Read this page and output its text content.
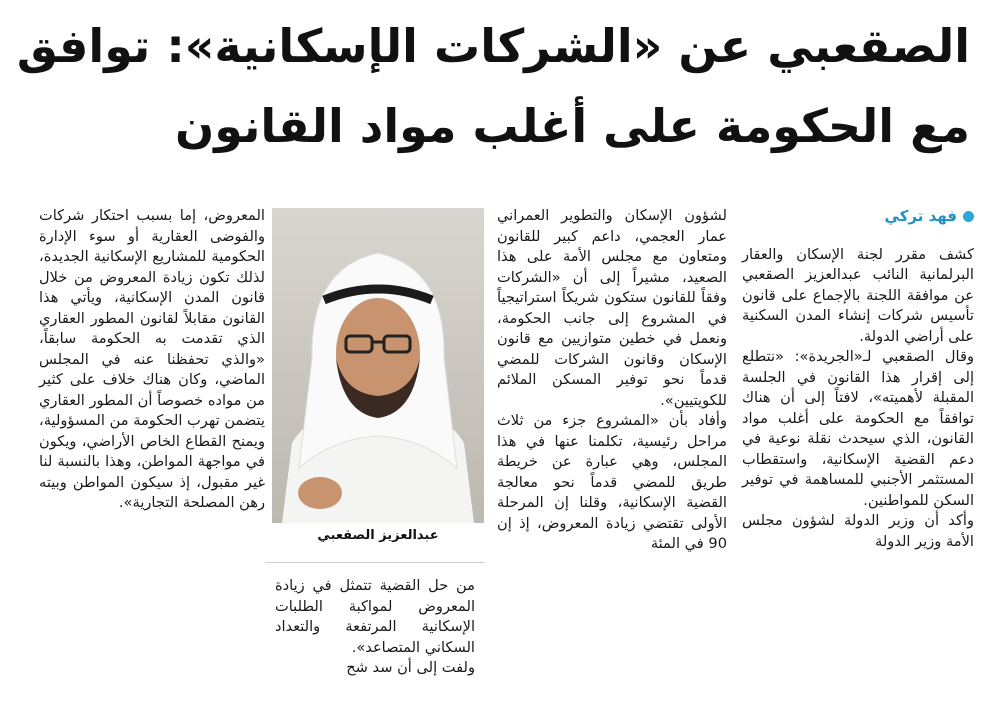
الصقعبي عن «الشركات الإسكانية»: توافق
مع الحكومة على أغلب مواد القانون
فهد تركي

كشف مقرر لجنة الإسكان والعقار البرلمانية النائب عبدالعزيز الصقعبي عن موافقة اللجنة بالإجماع على قانون تأسيس شركات إنشاء المدن السكنية على أراضي الدولة.

وقال الصقعبي لـ«الجريدة»: «نتطلع إلى إقرار هذا القانون في الجلسة المقبلة لأهميته»، لافتاً إلى أن هناك توافقاً مع الحكومة على أغلب مواد القانون، الذي سيحدث نقلة نوعية في دعم القضية الإسكانية، واستقطاب المستثمر الأجنبي للمساهمة في توفير السكن للمواطنين.

وأكد أن وزير الدولة لشؤون مجلس الأمة وزير الدولة

لشؤون الإسكان والتطوير العمراني عمار العجمي، داعم كبير للقانون ومتعاون مع مجلس الأمة على هذا الصعيد، مشيراً إلى أن «الشركات وفقاً للقانون ستكون شريكاً استراتيجياً في المشروع إلى جانب الحكومة، ونعمل في خطين متوازيين مع قانون الإسكان وقانون الشركات للمضي قدماً نحو توفير المسكن الملائم للكويتيين».

وأفاد بأن «المشروع جزء من ثلاث مراحل رئيسية، تكلمنا عنها في هذا المجلس، وهي عبارة عن خريطة طريق للمضي قدماً نحو معالجة القضية الإسكانية، وقلنا إن المرحلة الأولى تقتضي زيادة المعروض، إذ إن 90 في المئة

عبدالعزيز الصقعبي

من حل القضية تتمثل في زيادة المعروض لمواكبة الطلبات الإسكانية المرتفعة والتعداد السكاني المتصاعد».

ولفت إلى أن سد شح

المعروض، إما بسبب احتكار شركات والفوضى العقارية أو سوء الإدارة الحكومية للمشاريع الإسكانية الجديدة، لذلك تكون زيادة المعروض من خلال قانون المدن الإسكانية، ويأتي هذا القانون مقابلاً لقانون المطور العقاري الذي تقدمت به الحكومة سابقاً، «والذي تحفظنا عنه في المجلس الماضي، وكان هناك خلاف على كثير من مواده خصوصاً أن المطور العقاري يتضمن تهرب الحكومة من المسؤولية، ويمنح القطاع الخاص الأراضي، ويكون في مواجهة المواطن، وهذا بالنسبة لنا غير مقبول، إذ سيكون المواطن وبيته رهن المصلحة التجارية».
